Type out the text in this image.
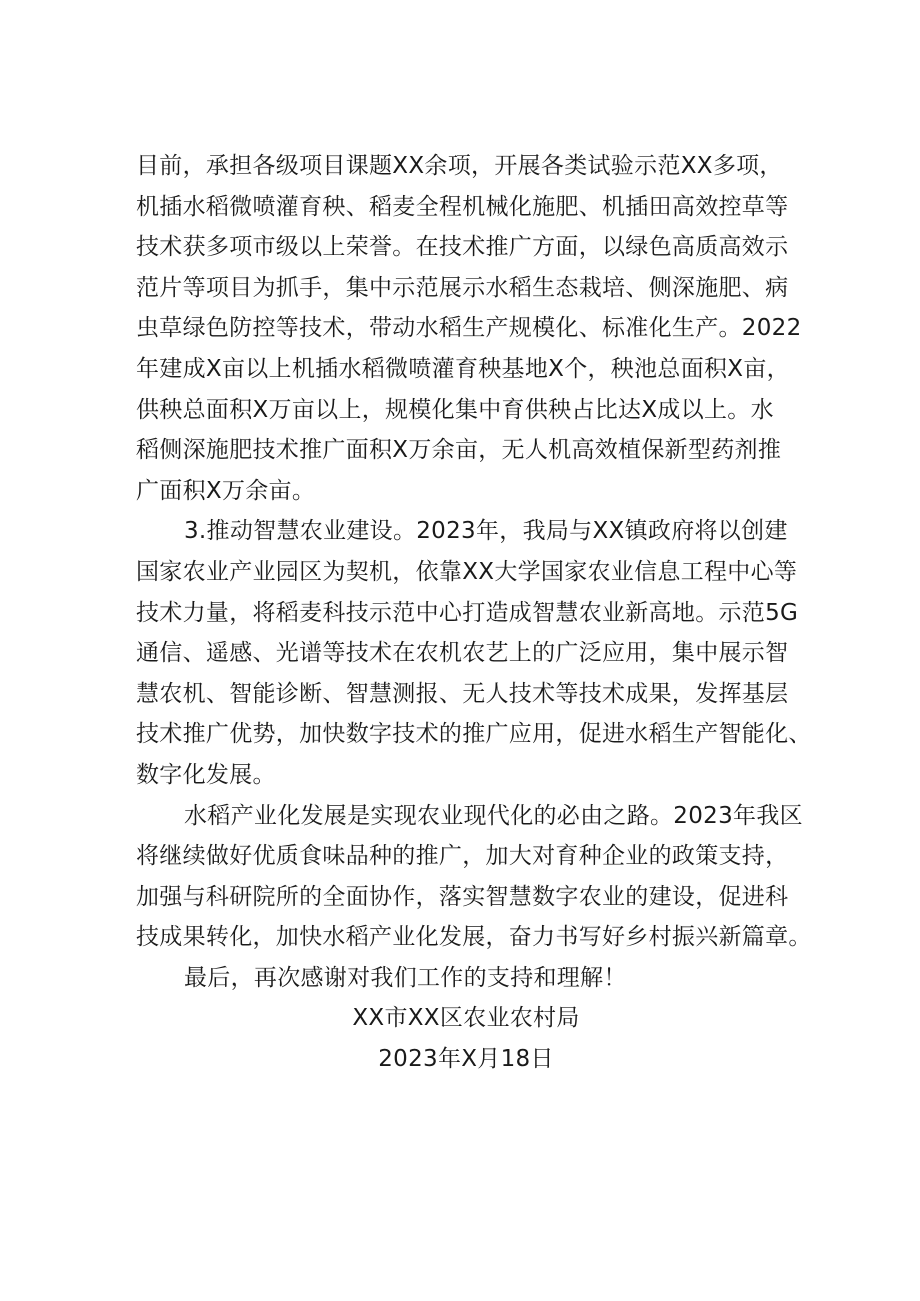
目前，承担各级项目课题XX余项，开展各类试验示范XX多项，
机插水稻微喷灌育秧、稻麦全程机械化施肥、机插田高效控草等
技术获多项市级以上荣誉。在技术推广方面，以绿色高质高效示
范片等项目为抓手，集中示范展示水稻生态栽培、侧深施肥、病
虫草绿色防控等技术，带动水稻生产规模化、标准化生产。2022
年建成X亩以上机插水稻微喷灌育秧基地X个，秧池总面积X亩，
供秧总面积X万亩以上，规模化集中育供秧占比达X成以上。水
稻侧深施肥技术推广面积X万余亩，无人机高效植保新型药剂推
广面积X万余亩。
3.推动智慧农业建设。2023年，我局与XX镇政府将以创建
国家农业产业园区为契机，依靠XX大学国家农业信息工程中心等
技术力量，将稻麦科技示范中心打造成智慧农业新高地。示范5G
通信、遥感、光谱等技术在农机农艺上的广泛应用，集中展示智
慧农机、智能诊断、智慧测报、无人技术等技术成果，发挥基层
技术推广优势，加快数字技术的推广应用，促进水稻生产智能化、
数字化发展。
水稻产业化发展是实现农业现代化的必由之路。2023年我区
将继续做好优质食味品种的推广，加大对育种企业的政策支持，
加强与科研院所的全面协作，落实智慧数字农业的建设，促进科
技成果转化，加快水稻产业化发展，奋力书写好乡村振兴新篇章。
最后，再次感谢对我们工作的支持和理解！
XX市XX区农业农村局
2023年X月18日
